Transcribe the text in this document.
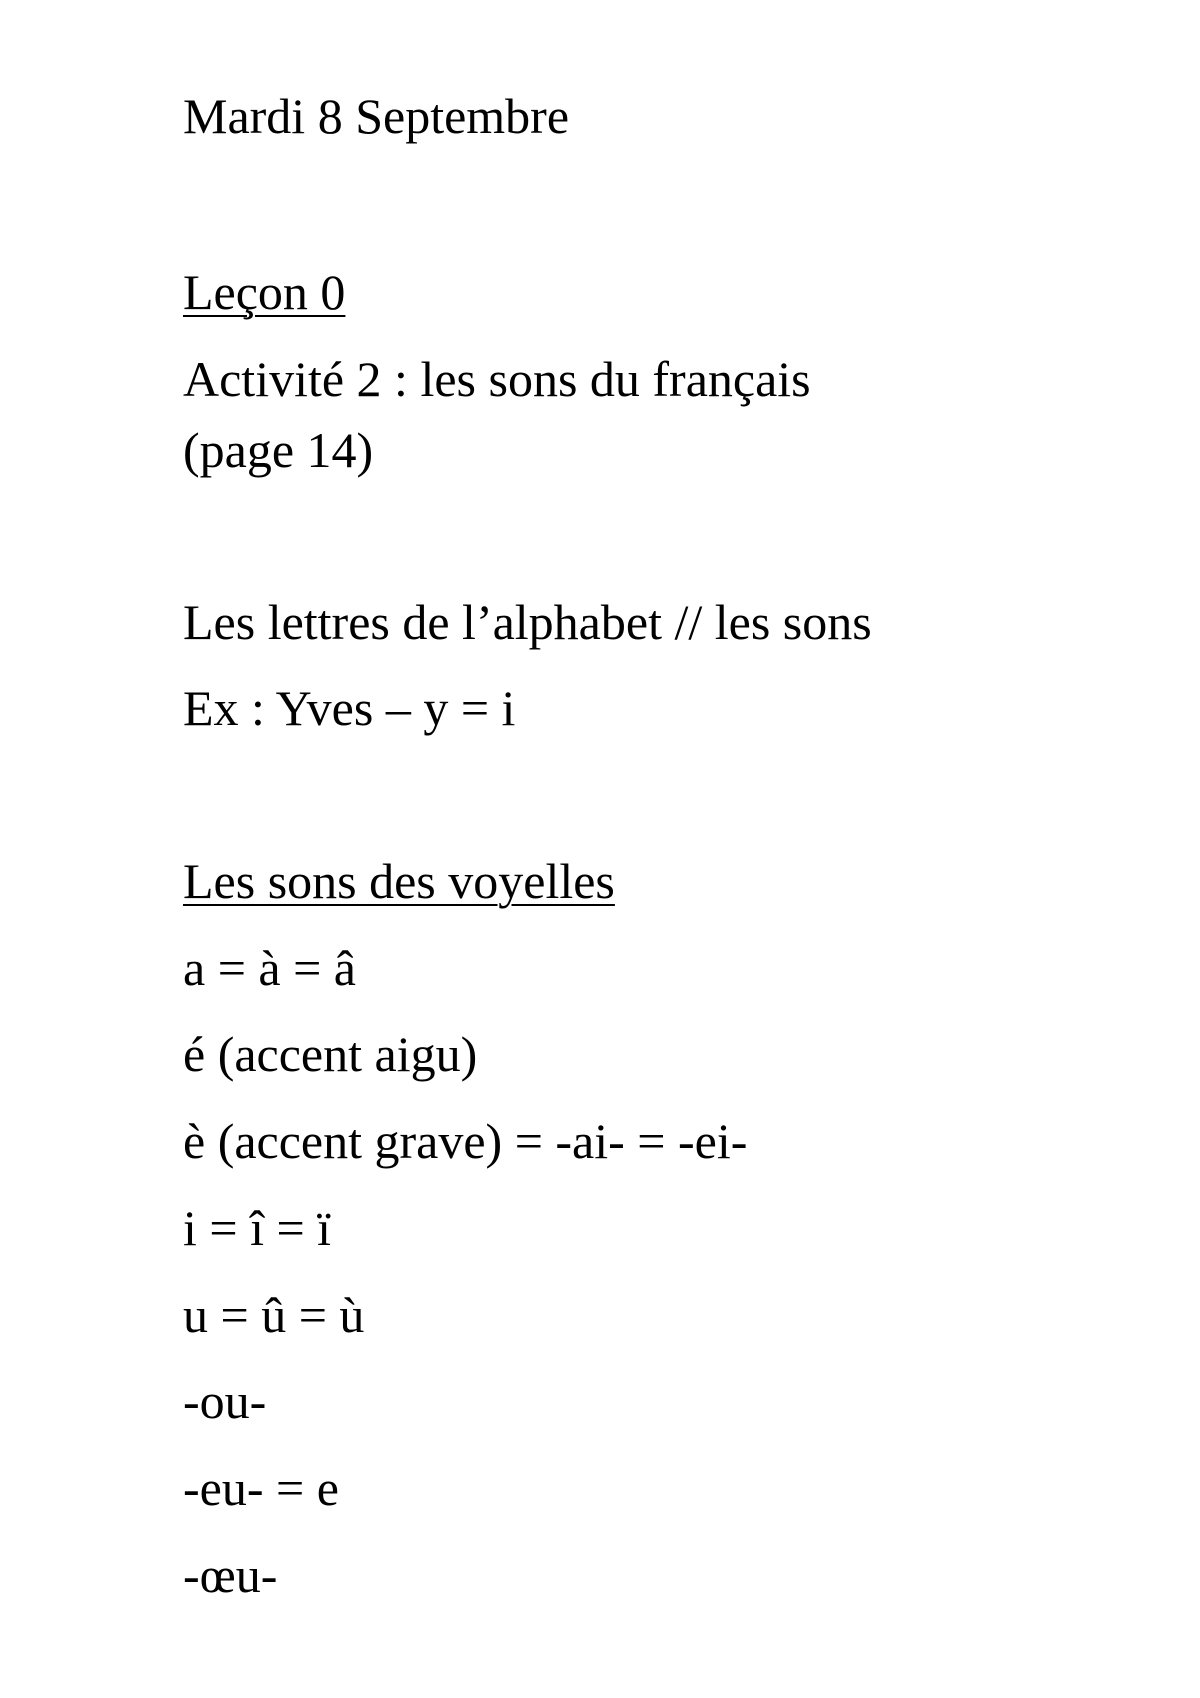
Mardi 8 Septembre
Leçon 0
Activité 2 : les sons du français
(page 14)
Les lettres de l’alphabet // les sons
Ex : Yves – y = i
Les sons des voyelles
a = à = â
é (accent aigu)
è (accent grave) = -ai- = -ei-
i = î = ï
u = û = ù
-ou-
-eu- = e
-œu-
